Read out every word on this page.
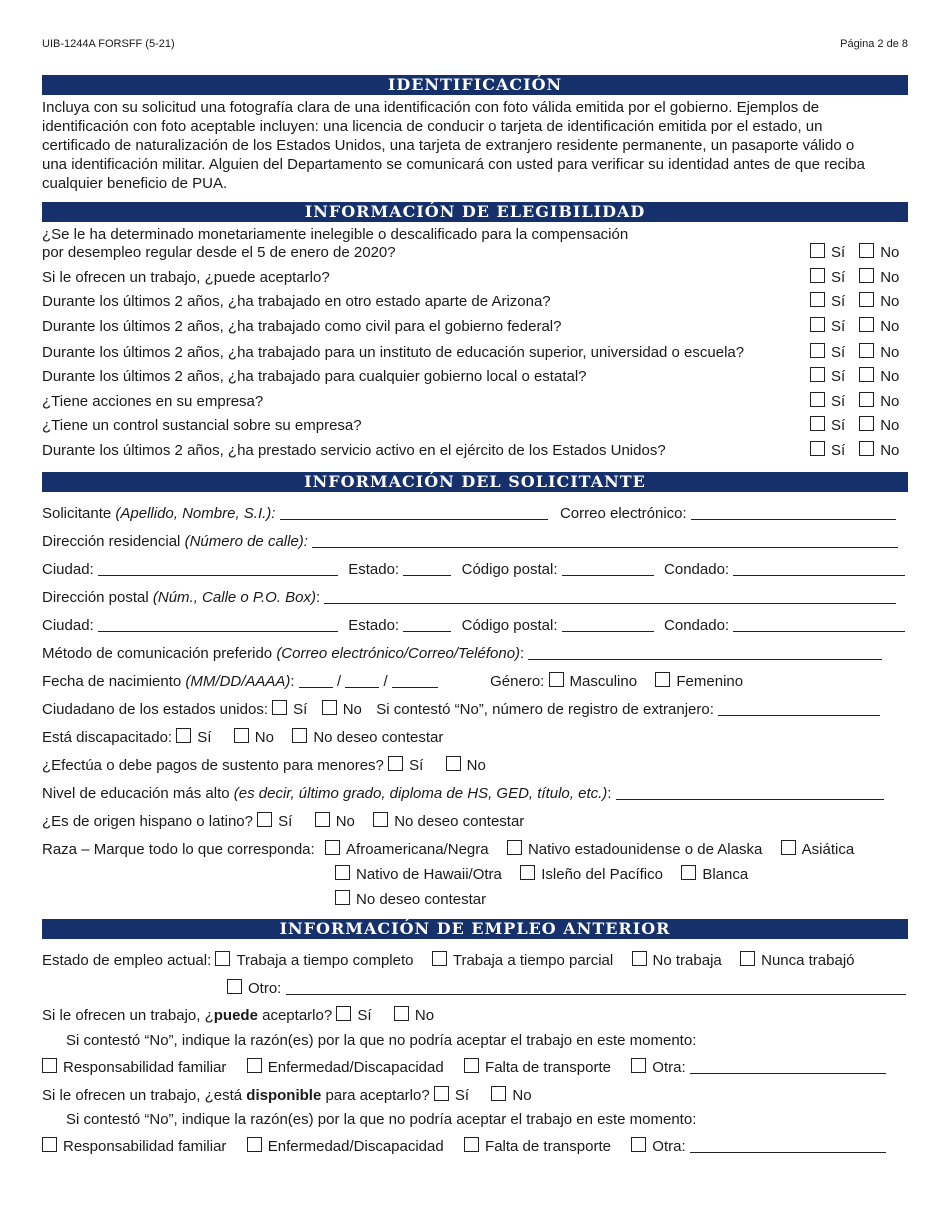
UIB-1244A FORSFF (5-21)	Página 2 de 8
IDENTIFICACIÓN
Incluya con su solicitud una fotografía clara de una identificación con foto válida emitida por el gobierno. Ejemplos de
identificación con foto aceptable incluyen: una licencia de conducir o tarjeta de identificación emitida por el estado, un
certificado de naturalización de los Estados Unidos, una tarjeta de extranjero residente permanente, un pasaporte válido o
una identificación militar. Alguien del Departamento se comunicará con usted para verificar su identidad antes de que reciba
cualquier beneficio de PUA.
INFORMACIÓN DE ELEGIBILIDAD
¿Se le ha determinado monetariamente inelegible o descalificado para la compensación
por desempleo regular desde el 5 de enero de 2020?	Sí No
Si le ofrecen un trabajo, ¿puede aceptarlo?	Sí No
Durante los últimos 2 años, ¿ha trabajado en otro estado aparte de Arizona?	Sí No
Durante los últimos 2 años, ¿ha trabajado como civil para el gobierno federal?	Sí No
Durante los últimos 2 años, ¿ha trabajado para un instituto de educación superior, universidad o escuela?	Sí No
Durante los últimos 2 años, ¿ha trabajado para cualquier gobierno local o estatal?	Sí No
¿Tiene acciones en su empresa?	Sí No
¿Tiene un control sustancial sobre su empresa?	Sí No
Durante los últimos 2 años, ¿ha prestado servicio activo en el ejército de los Estados Unidos?	Sí No
INFORMACIÓN DEL SOLICITANTE
Solicitante (Apellido, Nombre, S.I.):	Correo electrónico:
Dirección residencial (Número de calle):
Ciudad:	Estado:	Código postal:	Condado:
Dirección postal (Núm., Calle o P.O. Box):
Ciudad:	Estado:	Código postal:	Condado:
Método de comunicación preferido (Correo electrónico/Correo/Teléfono):
Fecha de nacimiento (MM/DD/AAAA):	/	/	Género: Masculino	Femenino
Ciudadano de los estados unidos: Sí No Si contestó “No”, número de registro de extranjero:
Está discapacitado: Sí	No	No deseo contestar
¿Efectúa o debe pagos de sustento para menores? Sí	No
Nivel de educación más alto (es decir, último grado, diploma de HS, GED, título, etc.):
¿Es de origen hispano o latino? Sí	No	No deseo contestar
Raza – Marque todo lo que corresponda: Afroamericana/Negra	Nativo estadounidense o de Alaska	Asiática
Nativo de Hawaii/Otra	Isleño del Pacífico	Blanca
No deseo contestar
INFORMACIÓN DE EMPLEO ANTERIOR
Estado de empleo actual: Trabaja a tiempo completo	Trabaja a tiempo parcial	No trabaja	Nunca trabajó
Otro:
Si le ofrecen un trabajo, ¿puede aceptarlo? Sí	No
Si contestó “No”, indique la razón(es) por la que no podría aceptar el trabajo en este momento:
Responsabilidad familiar	Enfermedad/Discapacidad	Falta de transporte	Otra:
Si le ofrecen un trabajo, ¿está disponible para aceptarlo? Sí	No
Si contestó “No”, indique la razón(es) por la que no podría aceptar el trabajo en este momento:
Responsabilidad familiar	Enfermedad/Discapacidad	Falta de transporte	Otra:
